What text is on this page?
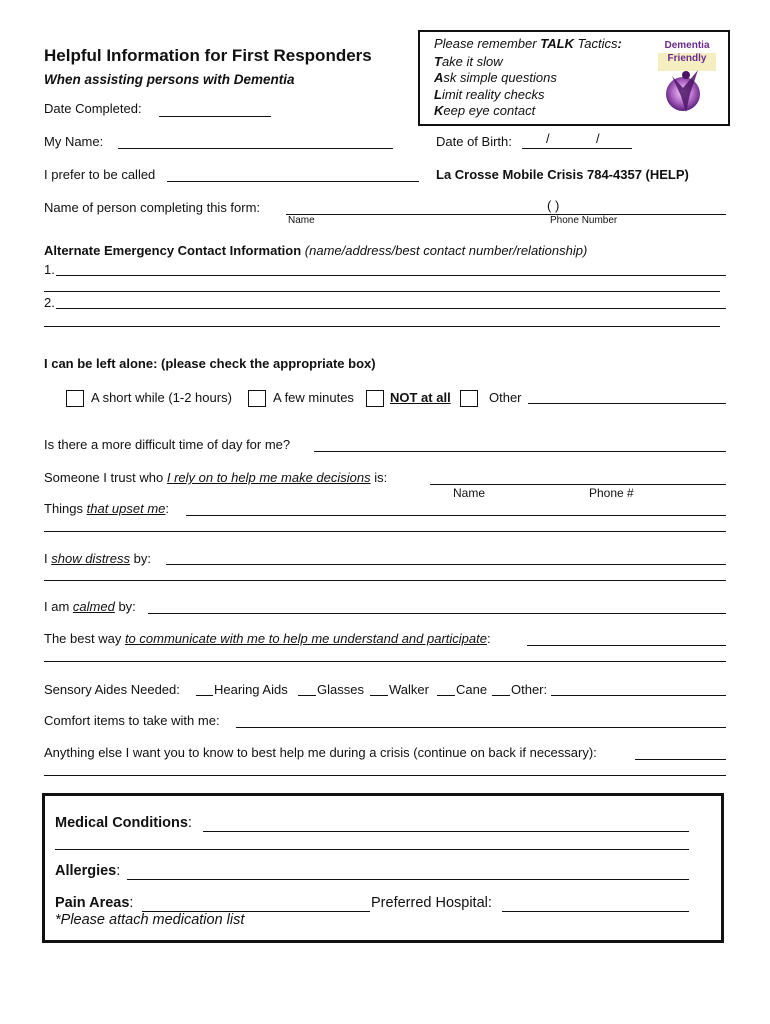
Helpful Information for First Responders
When assisting persons with Dementia
Date Completed:
Please remember TALK Tactics:
Take it slow
Ask simple questions
Limit reality checks
Keep eye contact
Dementia
Friendly
My Name:	Date of Birth:	/	/
I prefer to be called	La Crosse Mobile Crisis 784-4357 (HELP)
Name of person completing this form:	( )
Name	Phone Number
Alternate Emergency Contact Information (name/address/best contact number/relationship)
1.
2.
I can be left alone: (please check the appropriate box)
A short while (1-2 hours)	A few minutes	NOT at all	Other
Is there a more difficult time of day for me?
Someone I trust who I rely on to help me make decisions is:
Name	Phone #
Things that upset me:
I show distress by:
I am calmed by:
The best way to communicate with me to help me understand and participate:
Sensory Aides Needed:	Hearing Aids Glasses Walker Cane Other:
Comfort items to take with me:
Anything else I want you to know to best help me during a crisis (continue on back if necessary):
Medical Conditions:
Allergies:
Pain Areas:	Preferred Hospital:
*Please attach medication list
